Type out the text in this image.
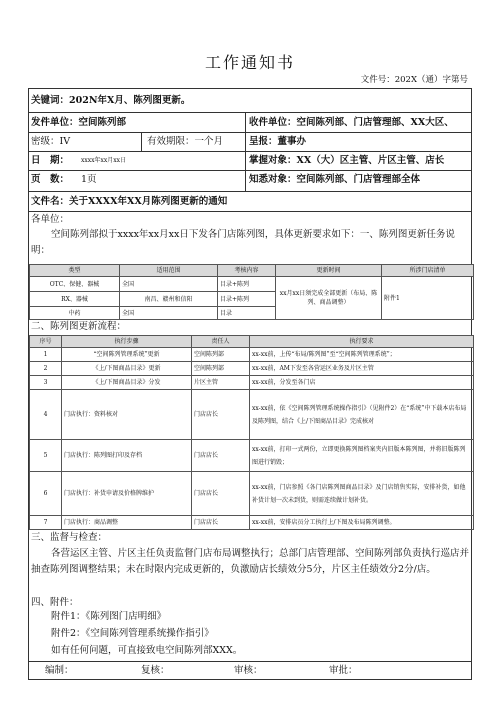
工作通知书
文件号：202X（通）字第号
关键词：202N年X月、陈列图更新。
发件单位：空间陈列部	收件单位：空间陈列部、门店管理部、XX大区、
密级：IV	有效期限：一个月	呈报：董事办
日　期： xxxx年xx月xx日	掌握对象：XX（大）区主管、片区主管、店长
页　数： 1页	知悉对象：空间陈列部、门店管理部全体
文件名：关于XXXX年XX月陈列图更新的通知
各单位：
空间陈列部拟于xxxx年xx月xx日下发各门店陈列图，具体更新要求如下：一、陈列图更新任务说明：
类型	适用范围	考核内容	更新时间	所涉门店清单
OTC、保健、器械	全国	目录+陈列	xx月xx日须完成全部更新（布局、陈列、商品调整）	附件1
RX、器械	南昌、赣州和信阳	目录+陈列		
中药	全国	目录		
二、陈列图更新流程：
序号	执行步骤	责任人	执行要求
1	“空间陈列管理系统”更新	空间陈列部	xx-xx前，上传“布局/陈列图”至“空间陈列管理系统”；
2	《上/下图商品目录》更新	空间陈列部	xx-xx前，AM下发至各营运区业务及片区主管
3	《上/下图商品目录》分发	片区主管	xx-xx前，分发至各门店
4	门店执行：资料核对	门店店长	xx-xx前，依《空间陈列管理系统操作指引》（见附件2）在“系统”中下载本店布局及陈列图，结合《上/下图商品目录》完成核对
5	门店执行：陈列图打印及存档	门店店长	xx-xx前，打印一式两份，立即更换陈列图档案夹内旧版本陈列图，并将旧版陈列图进行销毁；
6	门店执行：补货申请及价格牌维护	门店店长	xx-xx前，门店参照《各门店陈列图商品目录》及门店销售实际，安排补货，如他补货计划一次未到货，则需连续做计划补货。
7	门店执行：商品调整	门店店长	xx-xx前，安排店员分工执行上/下图及布局陈列调整。
三、监督与检查：
各营运区主管、片区主任负责监督门店布局调整执行；总部门店管理部、空间陈列部负责执行巡店并抽查陈列图调整结果；未在时限内完成更新的，负激励店长绩效分5分，片区主任绩效分2分/店。
四、附件：
附件1：《陈列图门店明细》
附件2：《空间陈列管理系统操作指引》
如有任何问题，可直接致电空间陈列部XXX。
编制：	复核：	审核：	审批：
